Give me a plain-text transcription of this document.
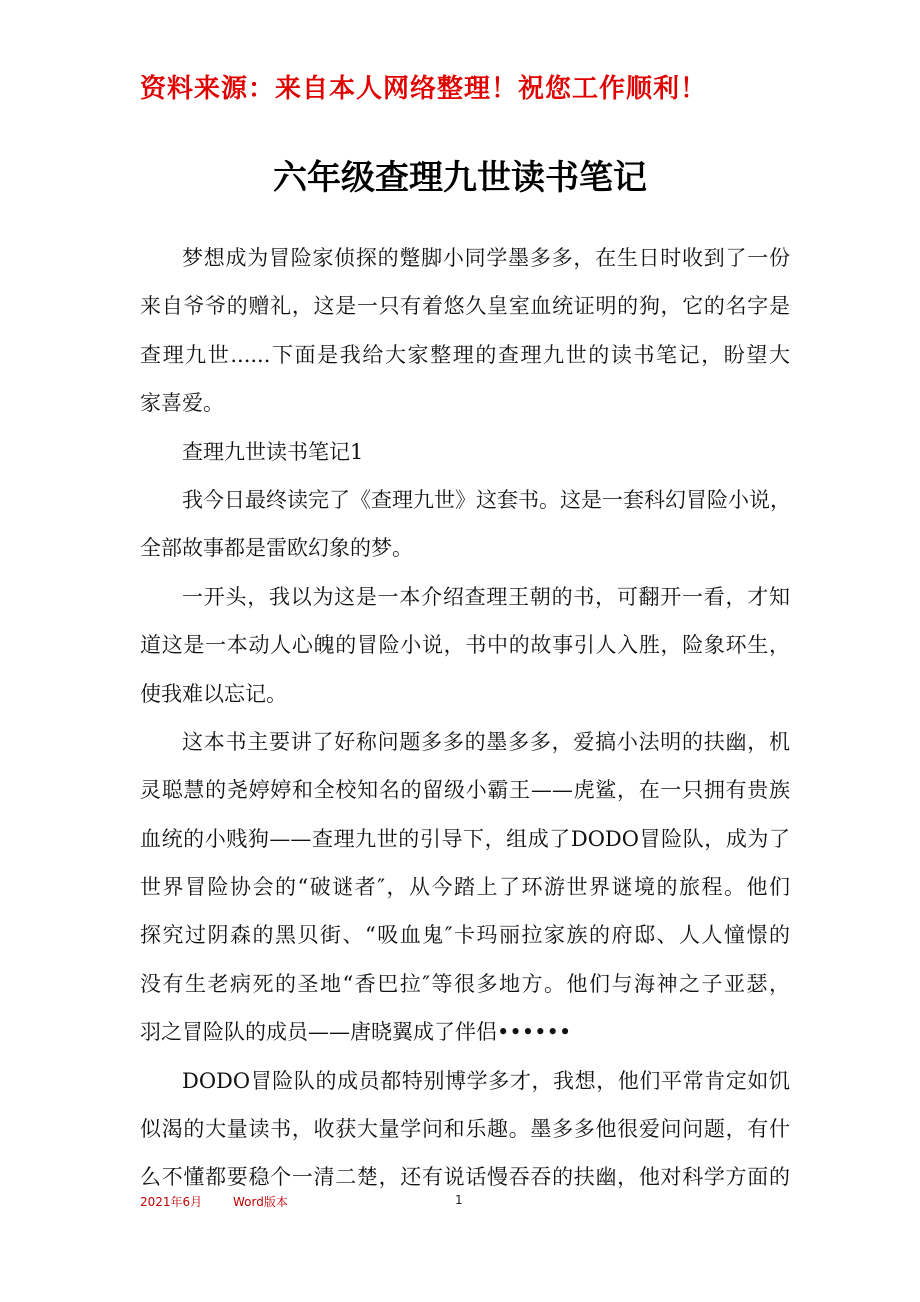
资料来源：来自本人网络整理！祝您工作顺利！
六年级查理九世读书笔记
梦想成为冒险家侦探的蹩脚小同学墨多多，在生日时收到了一份
来自爷爷的赠礼，这是一只有着悠久皇室血统证明的狗，它的名字是
查理九世......下面是我给大家整理的查理九世的读书笔记，盼望大
家喜爱。
查理九世读书笔记1
我今日最终读完了《查理九世》这套书。这是一套科幻冒险小说，
全部故事都是雷欧幻象的梦。
一开头，我以为这是一本介绍查理王朝的书，可翻开一看，才知
道这是一本动人心魄的冒险小说，书中的故事引人入胜，险象环生，
使我难以忘记。
这本书主要讲了好称问题多多的墨多多，爱搞小法明的扶幽，机
灵聪慧的尧婷婷和全校知名的留级小霸王——虎鲨，在一只拥有贵族
血统的小贱狗——查理九世的引导下，组成了DODO冒险队，成为了
世界冒险协会的“破谜者″，从今踏上了环游世界谜境的旅程。他们
探究过阴森的黑贝街、“吸血鬼″卡玛丽拉家族的府邸、人人憧憬的
没有生老病死的圣地“香巴拉″等很多地方。他们与海神之子亚瑟，
羽之冒险队的成员——唐晓翼成了伴侣••••••
DODO冒险队的成员都特别博学多才，我想，他们平常肯定如饥
似渴的大量读书，收获大量学问和乐趣。墨多多他很爱问问题，有什
么不懂都要稳个一清二楚，还有说话慢吞吞的扶幽，他对科学方面的
2021年6月	Word版本	1
